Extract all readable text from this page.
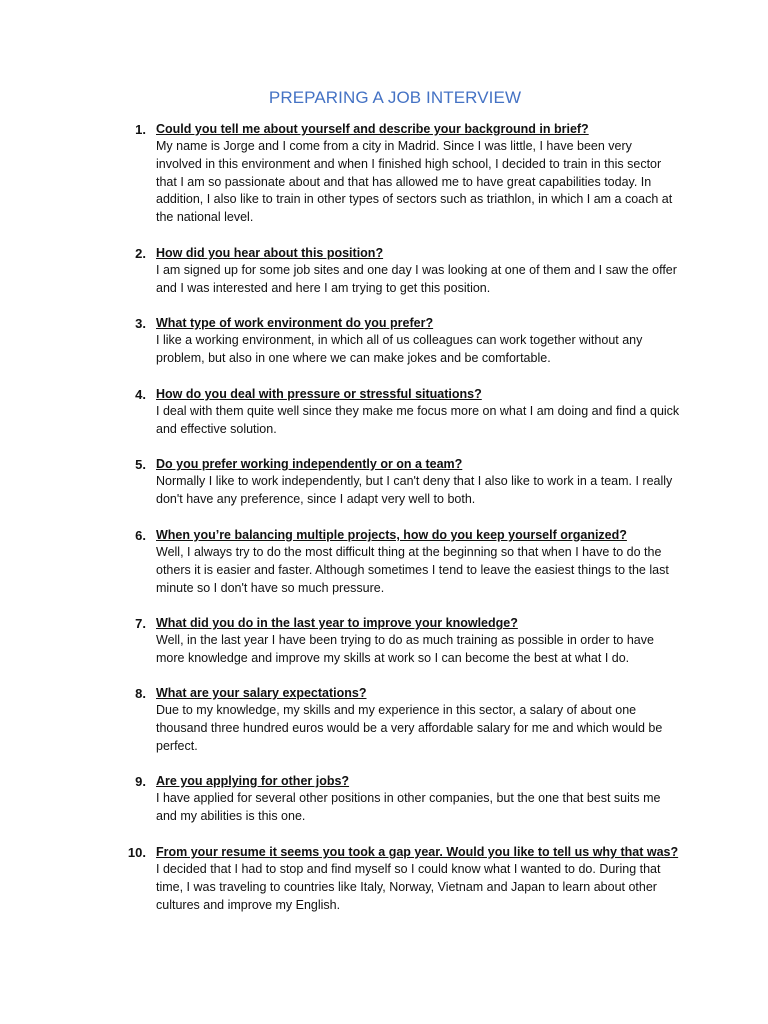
PREPARING A JOB INTERVIEW
1. Could you tell me about yourself and describe your background in brief?
My name is Jorge and I come from a city in Madrid. Since I was little, I have been very involved in this environment and when I finished high school, I decided to train in this sector that I am so passionate about and that has allowed me to have great capabilities today. In addition, I also like to train in other types of sectors such as triathlon, in which I am a coach at the national level.
2. How did you hear about this position?
I am signed up for some job sites and one day I was looking at one of them and I saw the offer and I was interested and here I am trying to get this position.
3. What type of work environment do you prefer?
I like a working environment, in which all of us colleagues can work together without any problem, but also in one where we can make jokes and be comfortable.
4. How do you deal with pressure or stressful situations?
I deal with them quite well since they make me focus more on what I am doing and find a quick and effective solution.
5. Do you prefer working independently or on a team?
Normally I like to work independently, but I can't deny that I also like to work in a team. I really don't have any preference, since I adapt very well to both.
6. When you’re balancing multiple projects, how do you keep yourself organized?
Well, I always try to do the most difficult thing at the beginning so that when I have to do the others it is easier and faster. Although sometimes I tend to leave the easiest things to the last minute so I don't have so much pressure.
7. What did you do in the last year to improve your knowledge?
Well, in the last year I have been trying to do as much training as possible in order to have more knowledge and improve my skills at work so I can become the best at what I do.
8. What are your salary expectations?
Due to my knowledge, my skills and my experience in this sector, a salary of about one thousand three hundred euros would be a very affordable salary for me and which would be perfect.
9. Are you applying for other jobs?
I have applied for several other positions in other companies, but the one that best suits me and my abilities is this one.
10. From your resume it seems you took a gap year. Would you like to tell us why that was?
I decided that I had to stop and find myself so I could know what I wanted to do. During that time, I was traveling to countries like Italy, Norway, Vietnam and Japan to learn about other cultures and improve my English.
